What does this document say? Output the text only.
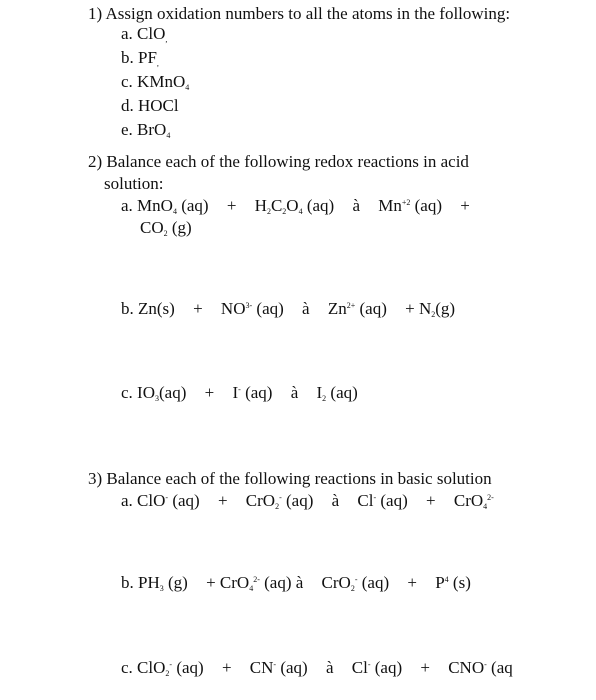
1) Assign oxidation numbers to all the atoms in the following:
a. ClO$_,$
b. $PF_,$
c. KMnO$_4$
d. HOCl
e. BrO$_4$
2) Balance each of the following redox reactions in acid
solution:
a. MnO$_4$ $(aq) + H_2C_2O_4$ (aq) à $Mn^{+2}$ (aq) +
$CO_2$ (g)
b. $Zn(s) + NO^{3-}$ (aq) à $Zn^{2+}$ $(aq) + N_2(g)$
c. $IO_3(aq) + I^-$ (aq) à $I_2$ (aq)
3) Balance each of the following reactions in basic solution
a. ClO- (aq) + CrO$_2$- (aq) à Cl- (aq) + CrO$_4^{2-}$
b. $PH_3$ (g) + CrO$_4^{2-}$ (aq) à CrO$_2$- $(aq) + P^4$ (s)
c. ClO$_2$- (aq) + CN- (aq) à Cl- (aq) + CNO- (aq
